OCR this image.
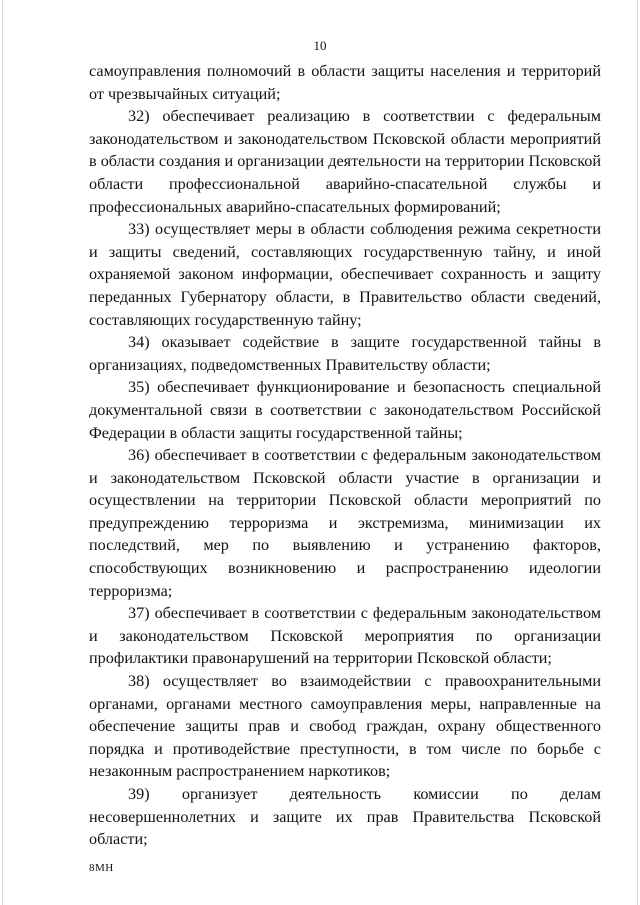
10

самоуправления полномочий в области защиты населения и территорий от чрезвычайных ситуаций;

32) обеспечивает реализацию в соответствии с федеральным законодательством и законодательством Псковской области мероприятий в области создания и организации деятельности на территории Псковской области профессиональной аварийно-спасательной службы и профессиональных аварийно-спасательных формирований;

33) осуществляет меры в области соблюдения режима секретности и защиты сведений, составляющих государственную тайну, и иной охраняемой законом информации, обеспечивает сохранность и защиту переданных Губернатору области, в Правительство области сведений, составляющих государственную тайну;

34) оказывает содействие в защите государственной тайны в организациях, подведомственных Правительству области;

35) обеспечивает функционирование и безопасность специальной документальной связи в соответствии с законодательством Российской Федерации в области защиты государственной тайны;

36) обеспечивает в соответствии с федеральным законодательством и законодательством Псковской области участие в организации и осуществлении на территории Псковской области мероприятий по предупреждению терроризма и экстремизма, минимизации их последствий, мер по выявлению и устранению факторов, способствующих возникновению и распространению идеологии терроризма;

37) обеспечивает в соответствии с федеральным законодательством и законодательством Псковской мероприятия по организации профилактики правонарушений на территории Псковской области;

38) осуществляет во взаимодействии с правоохранительными органами, органами местного самоуправления меры, направленные на обеспечение защиты прав и свобод граждан, охрану общественного порядка и противодействие преступности, в том числе по борьбе с незаконным распространением наркотиков;

39) организует деятельность комиссии по делам несовершеннолетних и защите их прав Правительства Псковской области;

8МН
